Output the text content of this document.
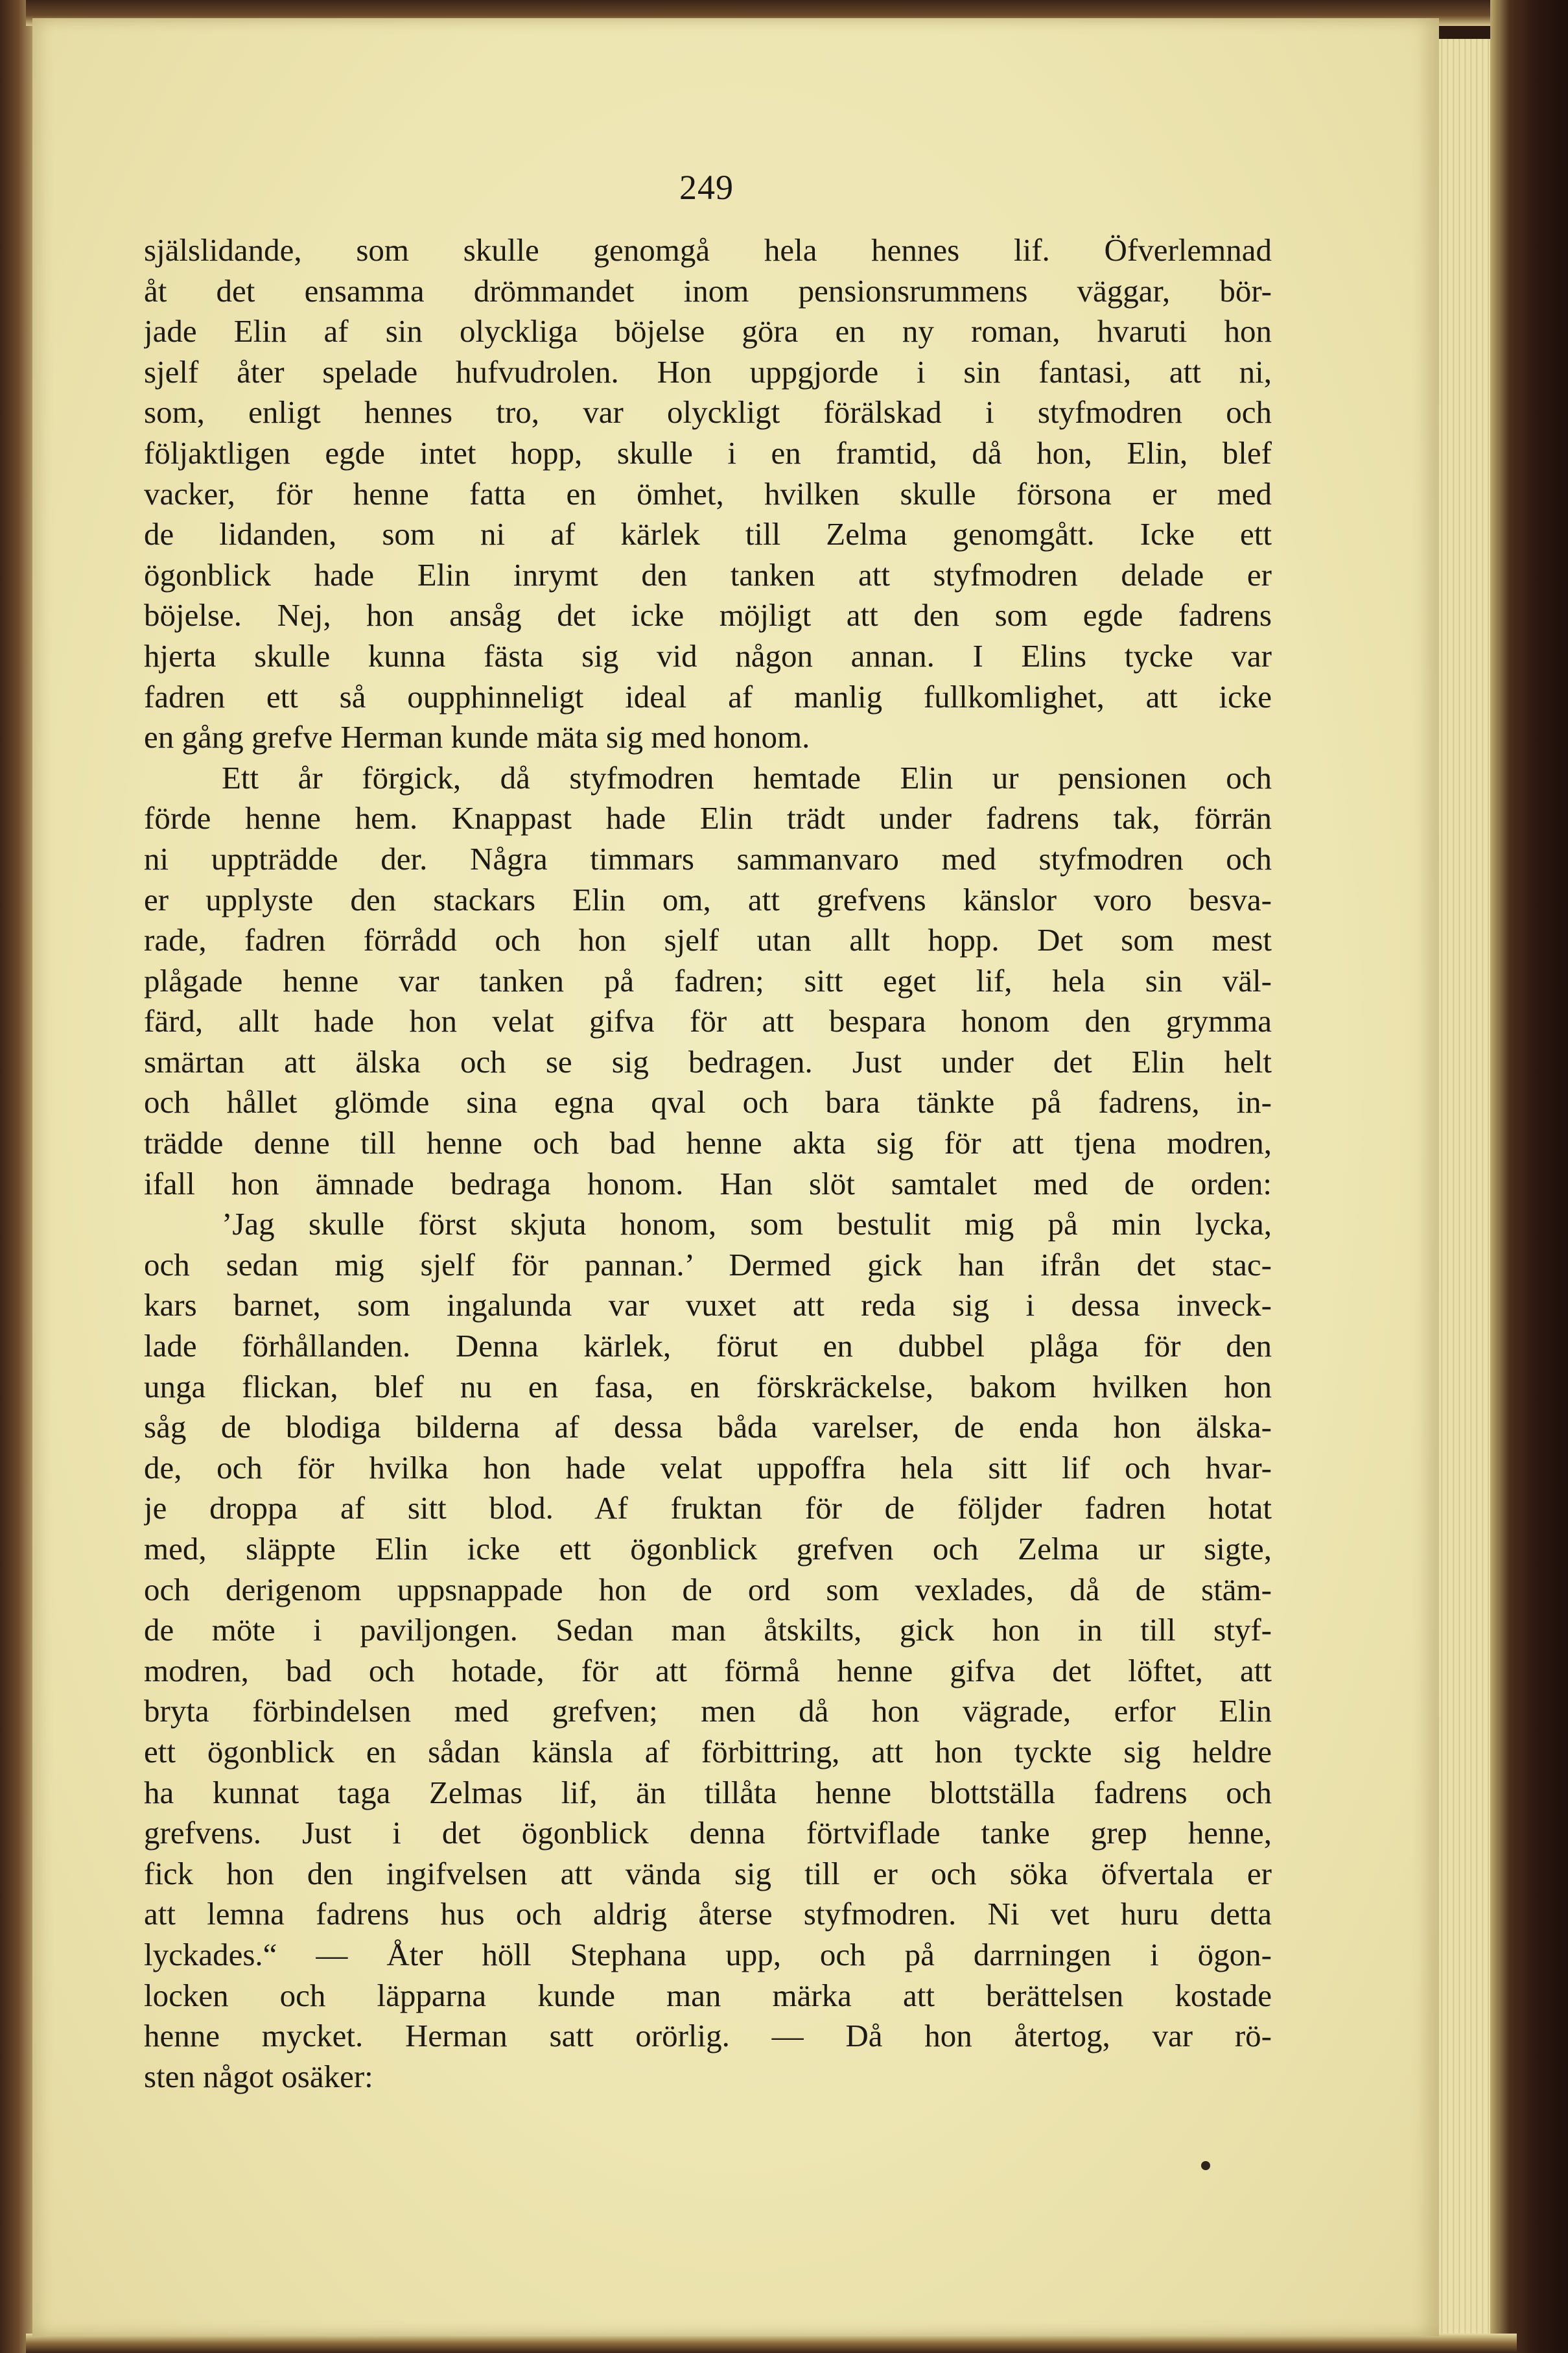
249
själslidande, som skulle genomgå hela hennes lif. Öfverlemnad
åt det ensamma drömmandet inom pensionsrummens väggar, bör-
jade Elin af sin olyckliga böjelse göra en ny roman, hvaruti hon
sjelf åter spelade hufvudrolen. Hon uppgjorde i sin fantasi, att ni,
som, enligt hennes tro, var olyckligt förälskad i styfmodren och
följaktligen egde intet hopp, skulle i en framtid, då hon, Elin, blef
vacker, för henne fatta en ömhet, hvilken skulle försona er med
de lidanden, som ni af kärlek till Zelma genomgått. Icke ett
ögonblick hade Elin inrymt den tanken att styfmodren delade er
böjelse. Nej, hon ansåg det icke möjligt att den som egde fadrens
hjerta skulle kunna fästa sig vid någon annan. I Elins tycke var
fadren ett så oupphinneligt ideal af manlig fullkomlighet, att icke
en gång grefve Herman kunde mäta sig med honom.
Ett år förgick, då styfmodren hemtade Elin ur pensionen och
förde henne hem. Knappast hade Elin trädt under fadrens tak, förrän
ni uppträdde der. Några timmars sammanvaro med styfmodren och
er upplyste den stackars Elin om, att grefvens känslor voro besva-
rade, fadren förrådd och hon sjelf utan allt hopp. Det som mest
plågade henne var tanken på fadren; sitt eget lif, hela sin väl-
färd, allt hade hon velat gifva för att bespara honom den grymma
smärtan att älska och se sig bedragen. Just under det Elin helt
och hållet glömde sina egna qval och bara tänkte på fadrens, in-
trädde denne till henne och bad henne akta sig för att tjena modren,
ifall hon ämnade bedraga honom. Han slöt samtalet med de orden:
’Jag skulle först skjuta honom, som bestulit mig på min lycka,
och sedan mig sjelf för pannan.’ Dermed gick han ifrån det stac-
kars barnet, som ingalunda var vuxet att reda sig i dessa inveck-
lade förhållanden. Denna kärlek, förut en dubbel plåga för den
unga flickan, blef nu en fasa, en förskräckelse, bakom hvilken hon
såg de blodiga bilderna af dessa båda varelser, de enda hon älska-
de, och för hvilka hon hade velat uppoffra hela sitt lif och hvar-
je droppa af sitt blod. Af fruktan för de följder fadren hotat
med, släppte Elin icke ett ögonblick grefven och Zelma ur sigte,
och derigenom uppsnappade hon de ord som vexlades, då de stäm-
de möte i paviljongen. Sedan man åtskilts, gick hon in till styf-
modren, bad och hotade, för att förmå henne gifva det löftet, att
bryta förbindelsen med grefven; men då hon vägrade, erfor Elin
ett ögonblick en sådan känsla af förbittring, att hon tyckte sig heldre
ha kunnat taga Zelmas lif, än tillåta henne blottställa fadrens och
grefvens. Just i det ögonblick denna förtviflade tanke grep henne,
fick hon den ingifvelsen att vända sig till er och söka öfvertala er
att lemna fadrens hus och aldrig återse styfmodren. Ni vet huru detta
lyckades.“ — Åter höll Stephana upp, och på darrningen i ögon-
locken och läpparna kunde man märka att berättelsen kostade
henne mycket. Herman satt orörlig. — Då hon återtog, var rö-
sten något osäker:
